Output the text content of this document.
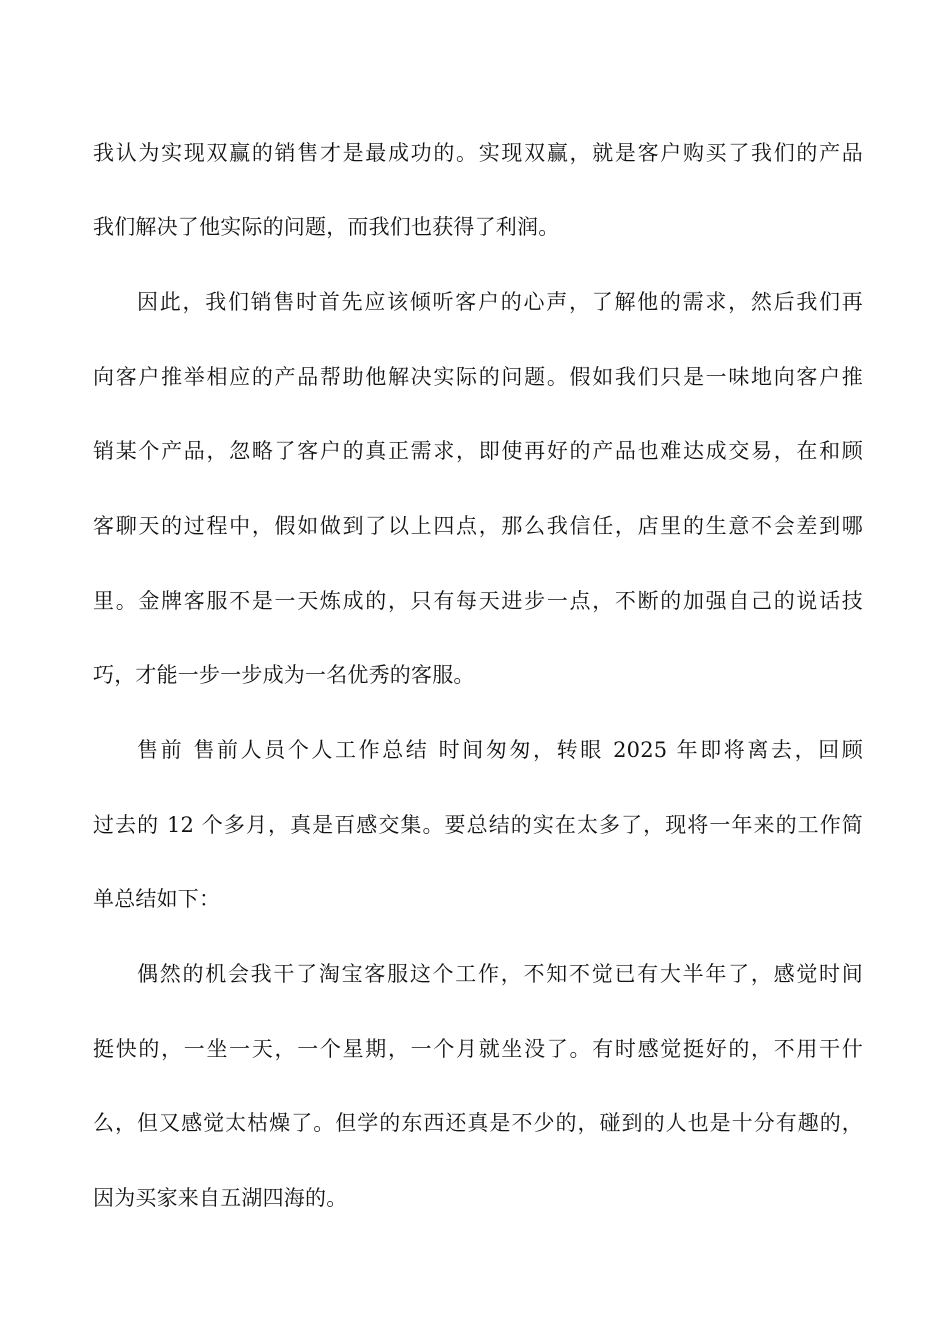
我认为实现双赢的销售才是最成功的。实现双赢，就是客户购买了我们的产品
我们解决了他实际的问题，而我们也获得了利润。
因此，我们销售时首先应该倾听客户的心声，了解他的需求，然后我们再
向客户推举相应的产品帮助他解决实际的问题。假如我们只是一味地向客户推
销某个产品，忽略了客户的真正需求，即使再好的产品也难达成交易，在和顾
客聊天的过程中，假如做到了以上四点，那么我信任，店里的生意不会差到哪
里。金牌客服不是一天炼成的，只有每天进步一点，不断的加强自己的说话技
巧，才能一步一步成为一名优秀的客服。
售前 售前人员个人工作总结 时间匆匆，转眼 2025 年即将离去，回顾
过去的 12 个多月，真是百感交集。要总结的实在太多了，现将一年来的工作简
单总结如下：
偶然的机会我干了淘宝客服这个工作，不知不觉已有大半年了，感觉时间
挺快的，一坐一天，一个星期，一个月就坐没了。有时感觉挺好的，不用干什
么，但又感觉太枯燥了。但学的东西还真是不少的，碰到的人也是十分有趣的，
因为买家来自五湖四海的。
